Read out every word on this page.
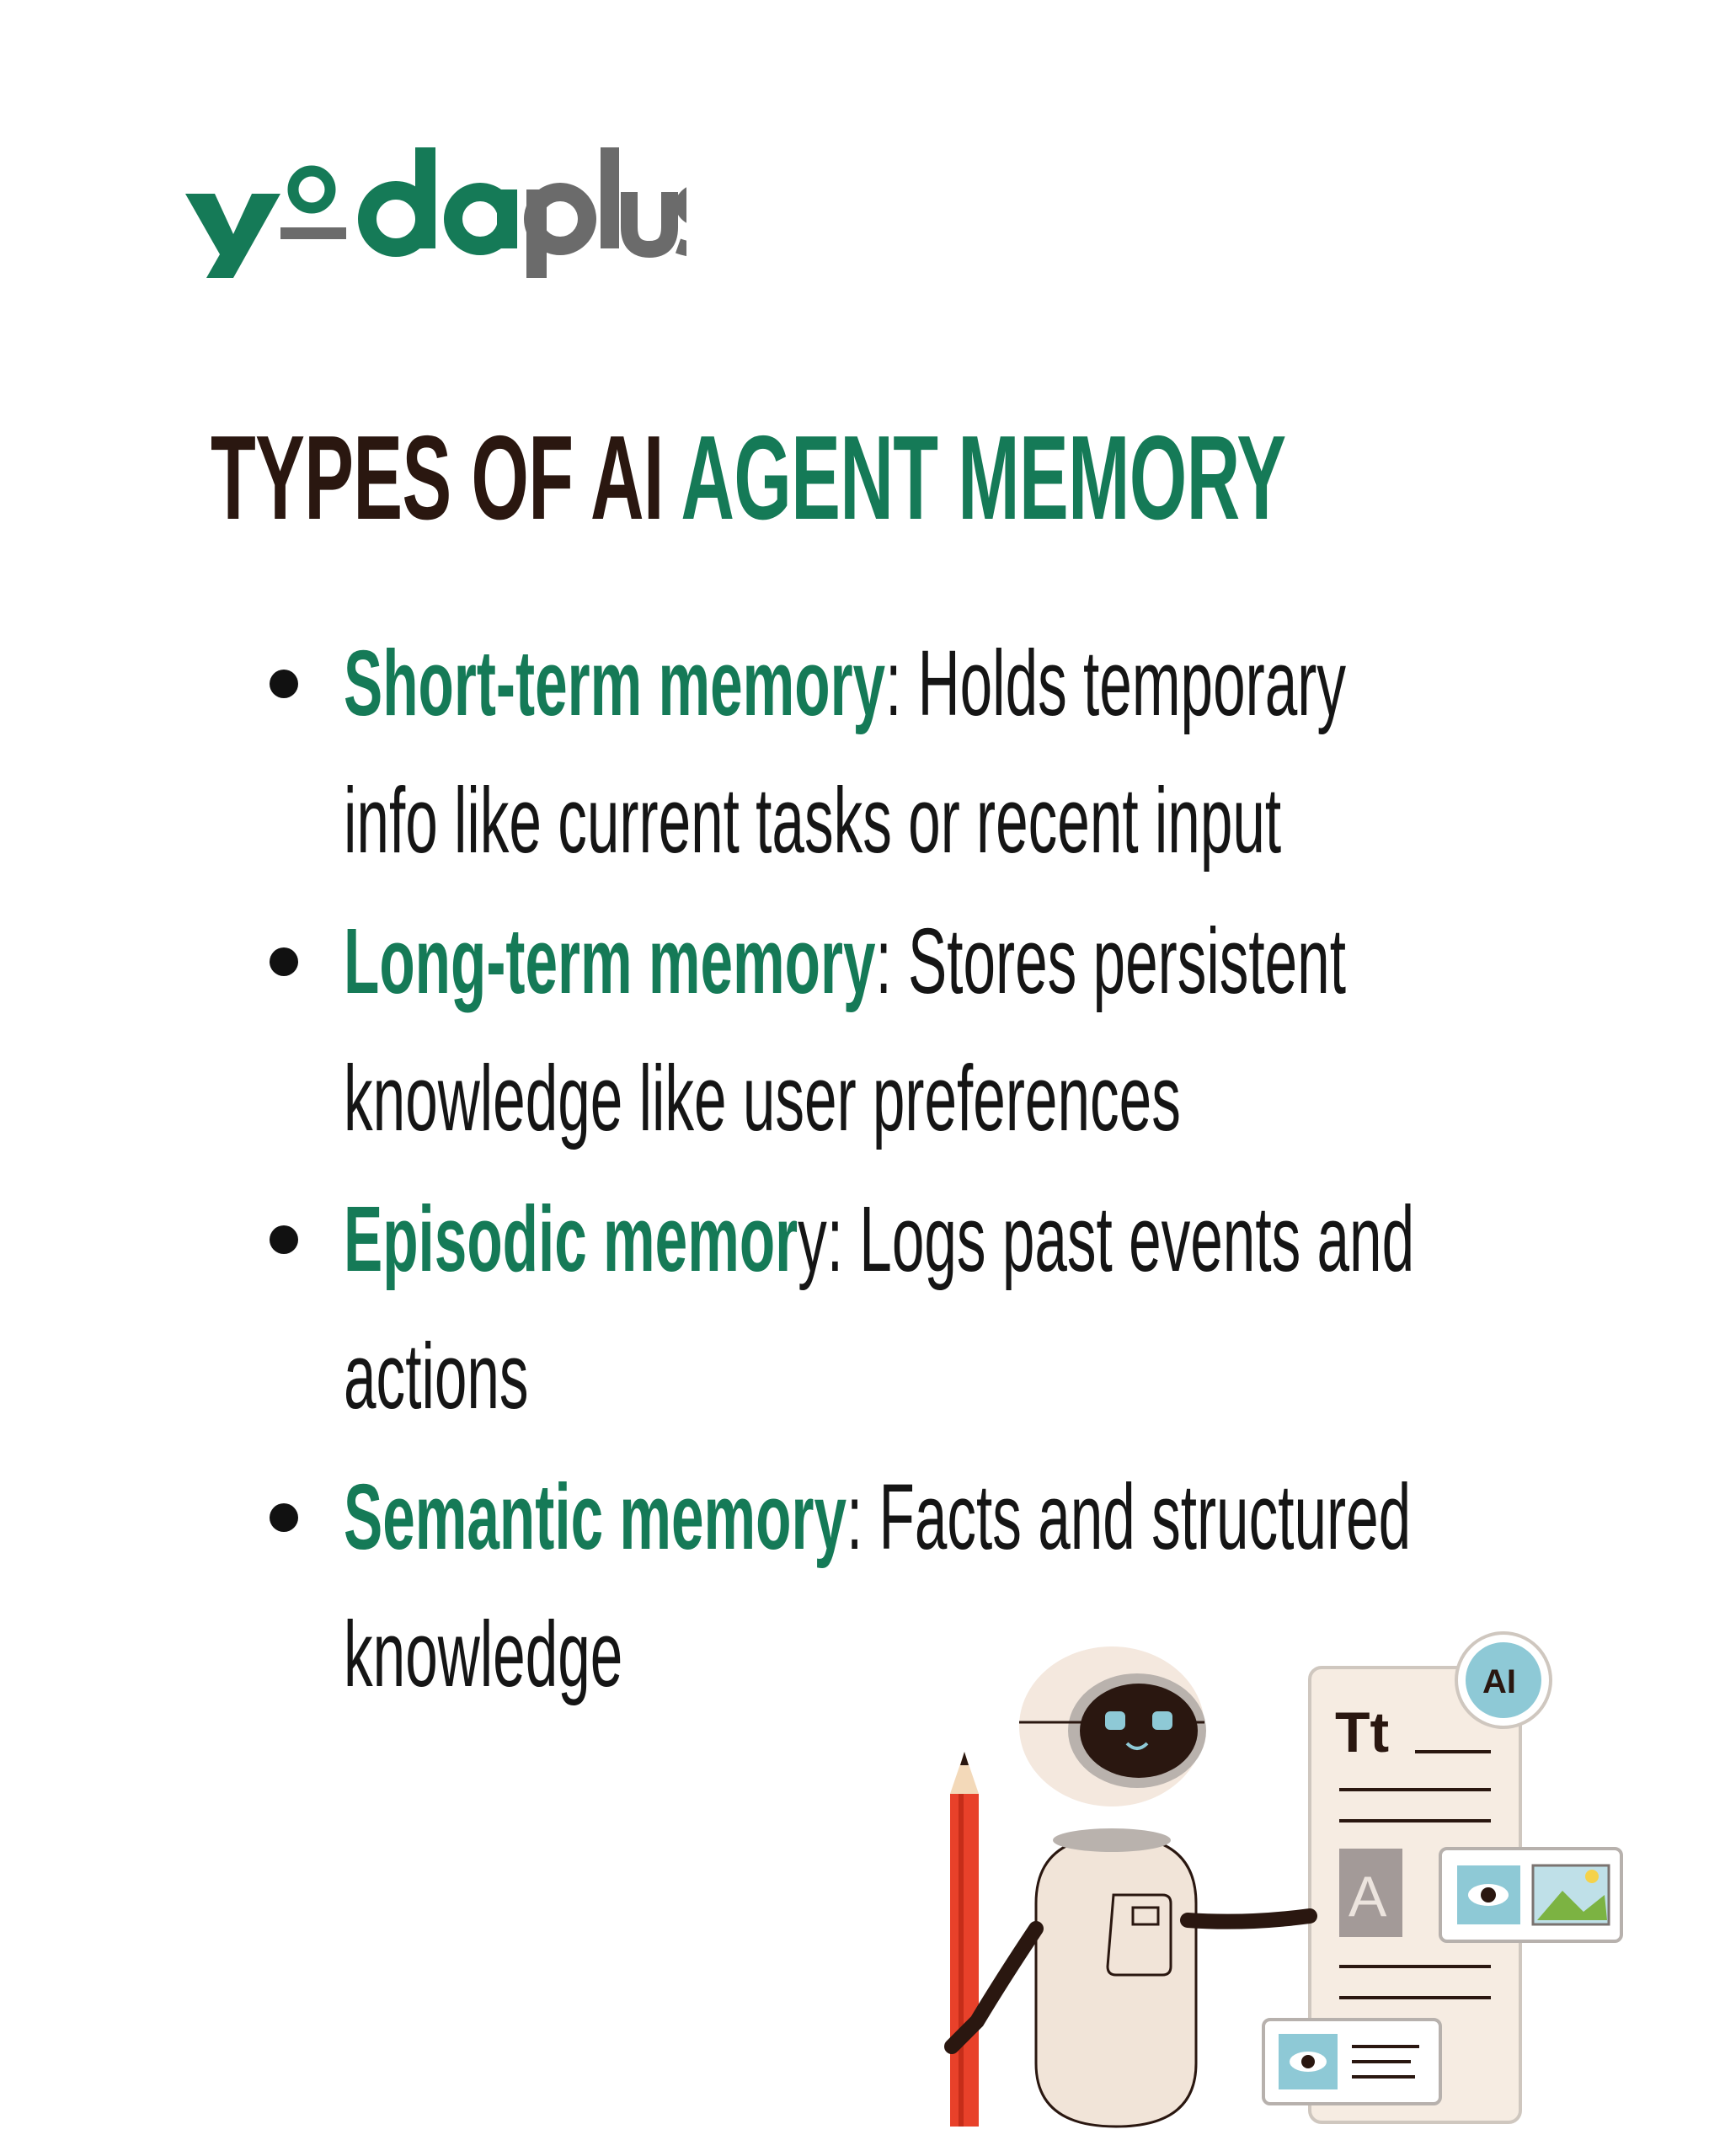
TYPES OF AI AGENT MEMORY
Short-term memory: Holds temporary
info like current tasks or recent input
Long-term memory: Stores persistent
knowledge like user preferences
Episodic memory: Logs past events and
actions
Semantic memory: Facts and structured
knowledge
Tt
A
AI
